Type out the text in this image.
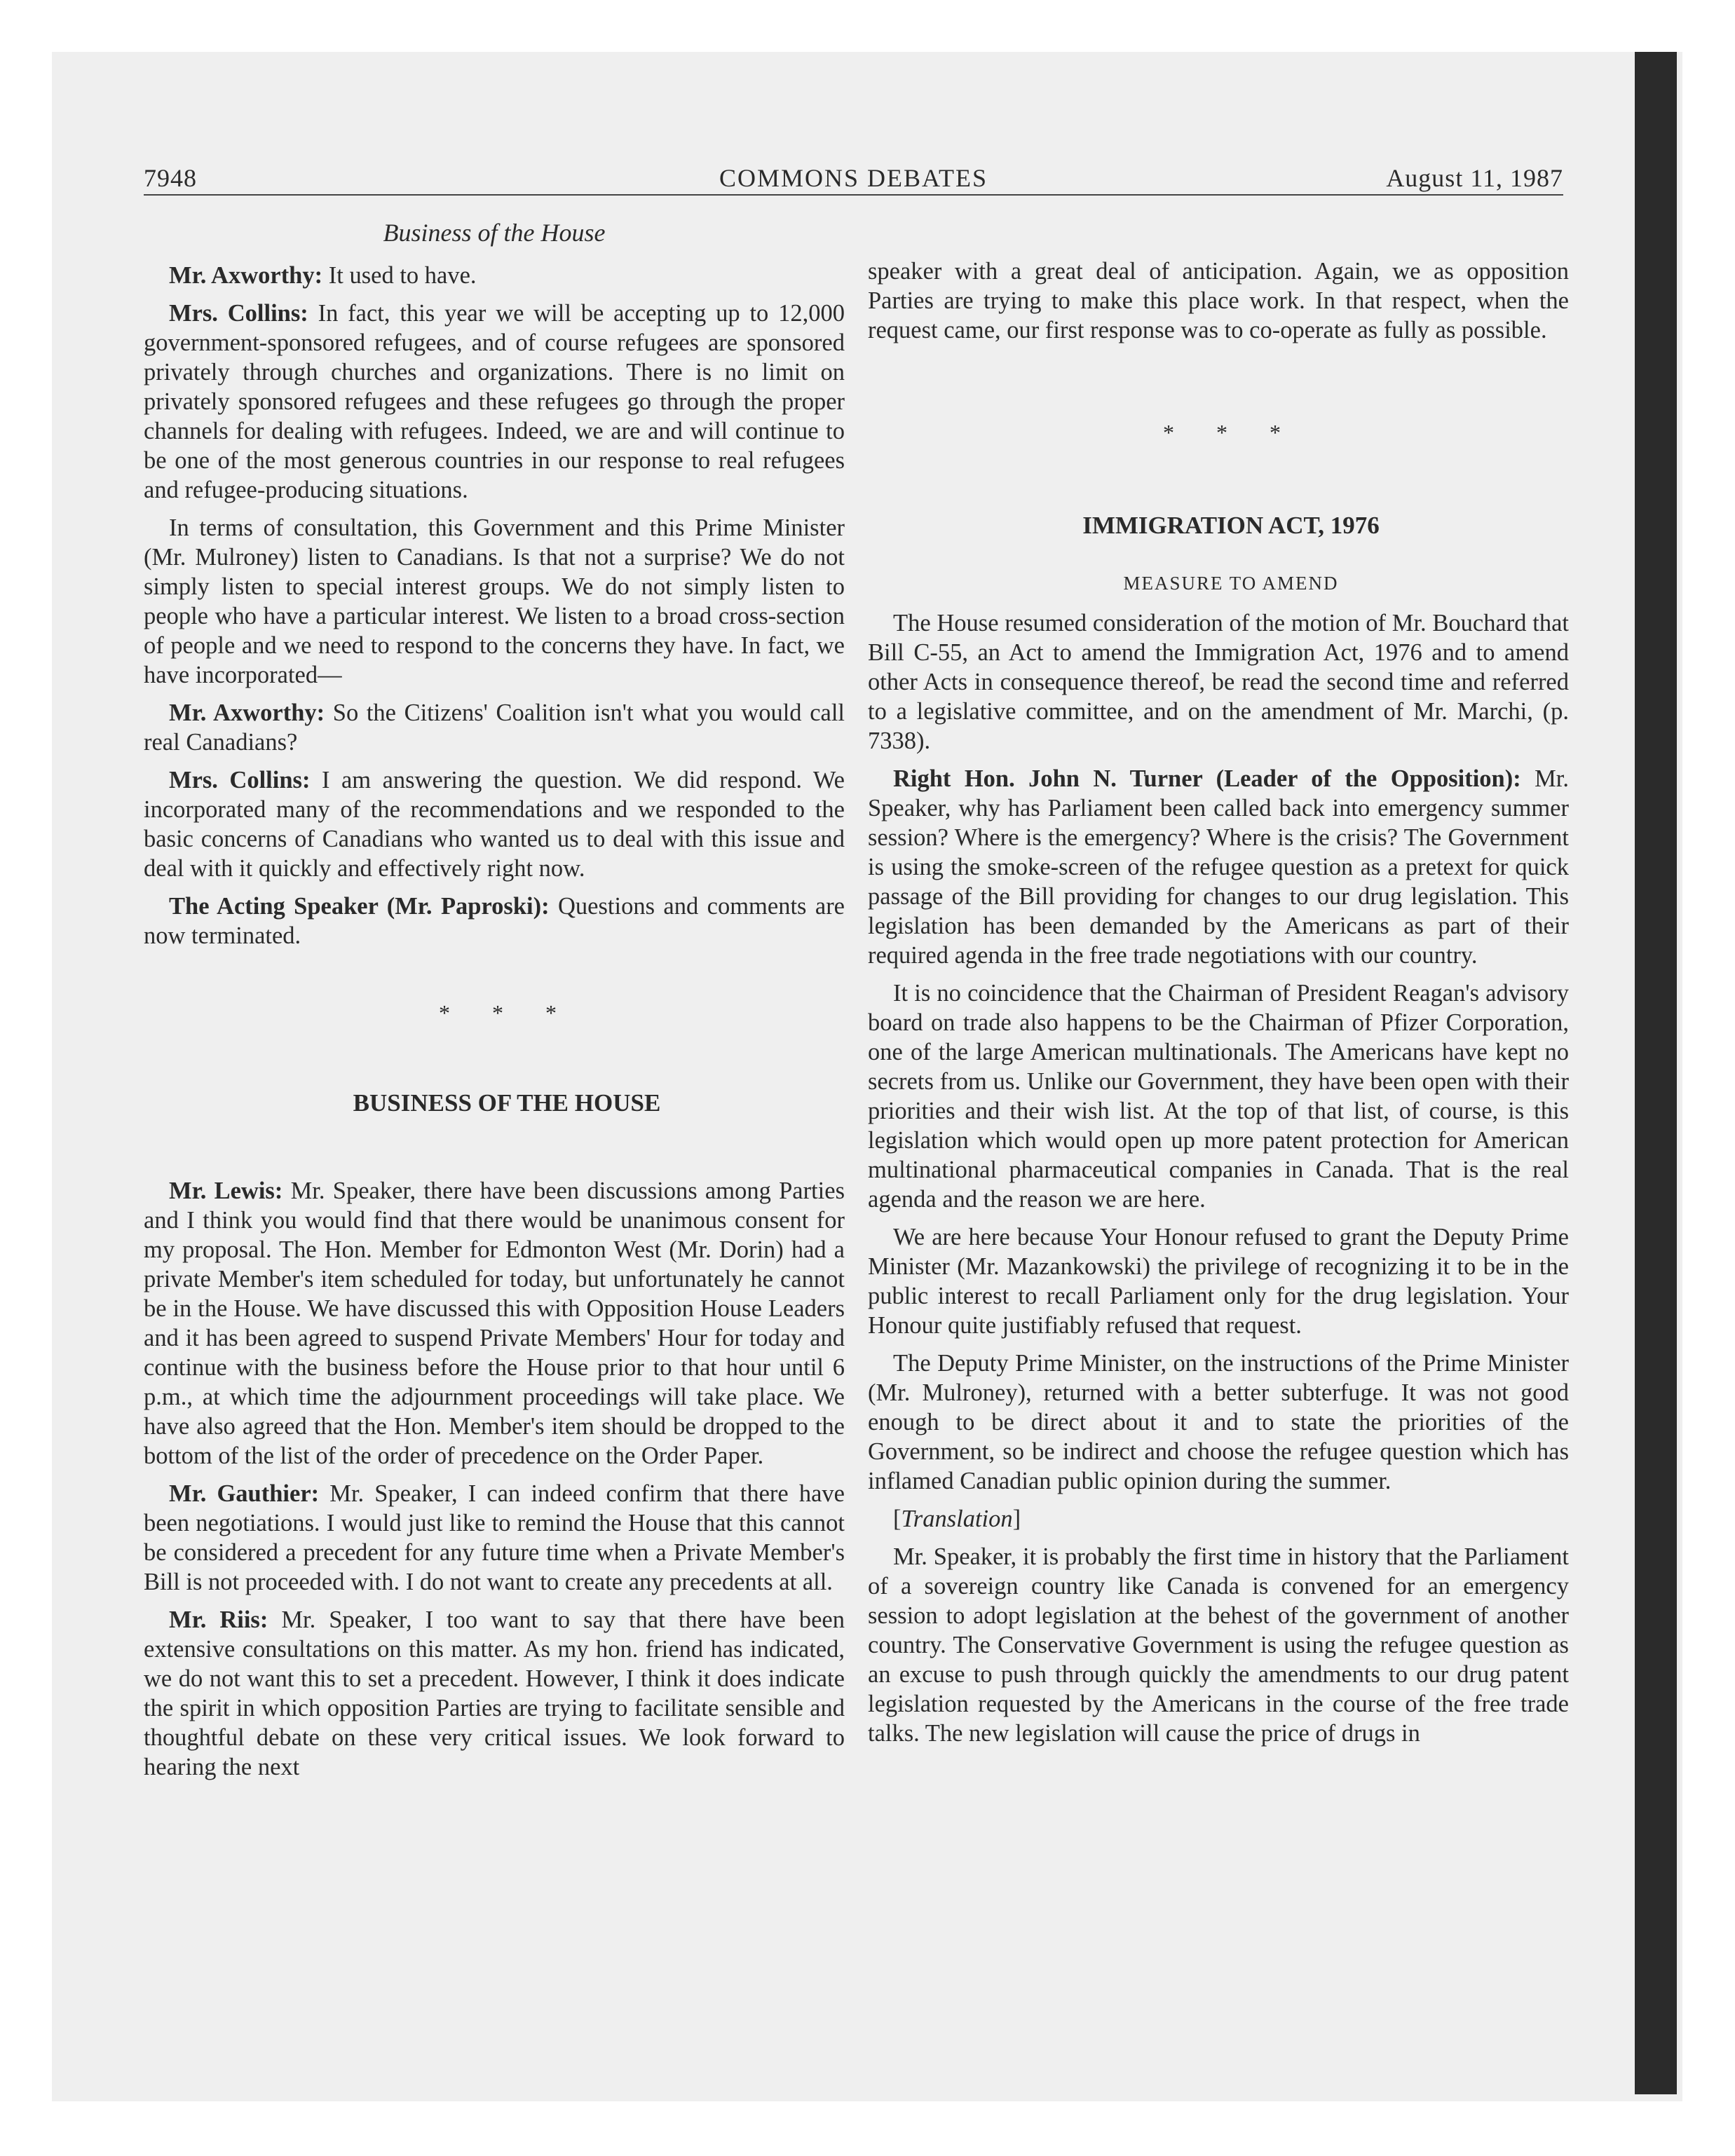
7948	COMMONS DEBATES	August 11, 1987
Business of the House

Mr. Axworthy: It used to have.

Mrs. Collins: In fact, this year we will be accepting up to 12,000 government-sponsored refugees, and of course refugees are sponsored privately through churches and organizations. There is no limit on privately sponsored refugees and these refugees go through the proper channels for dealing with refugees. Indeed, we are and will continue to be one of the most generous countries in our response to real refugees and refugee-producing situations.

In terms of consultation, this Government and this Prime Minister (Mr. Mulroney) listen to Canadians. Is that not a surprise? We do not simply listen to special interest groups. We do not simply listen to people who have a particular interest. We listen to a broad cross-section of people and we need to respond to the concerns they have. In fact, we have incorporated—

Mr. Axworthy: So the Citizens' Coalition isn't what you would call real Canadians?

Mrs. Collins: I am answering the question. We did respond. We incorporated many of the recommendations and we responded to the basic concerns of Canadians who wanted us to deal with this issue and deal with it quickly and effectively right now.

The Acting Speaker (Mr. Paproski): Questions and comments are now terminated.

* * *

BUSINESS OF THE HOUSE

Mr. Lewis: Mr. Speaker, there have been discussions among Parties and I think you would find that there would be unanimous consent for my proposal. The Hon. Member for Edmonton West (Mr. Dorin) had a private Member's item scheduled for today, but unfortunately he cannot be in the House. We have discussed this with Opposition House Leaders and it has been agreed to suspend Private Members' Hour for today and continue with the business before the House prior to that hour until 6 p.m., at which time the adjournment proceedings will take place. We have also agreed that the Hon. Member's item should be dropped to the bottom of the list of the order of precedence on the Order Paper.

Mr. Gauthier: Mr. Speaker, I can indeed confirm that there have been negotiations. I would just like to remind the House that this cannot be considered a precedent for any future time when a Private Member's Bill is not proceeded with. I do not want to create any precedents at all.

Mr. Riis: Mr. Speaker, I too want to say that there have been extensive consultations on this matter. As my hon. friend has indicated, we do not want this to set a precedent. However, I think it does indicate the spirit in which opposition Parties are trying to facilitate sensible and thoughtful debate on these very critical issues. We look forward to hearing the next

speaker with a great deal of anticipation. Again, we as opposition Parties are trying to make this place work. In that respect, when the request came, our first response was to co-operate as fully as possible.

* * *

IMMIGRATION ACT, 1976

MEASURE TO AMEND

The House resumed consideration of the motion of Mr. Bouchard that Bill C-55, an Act to amend the Immigration Act, 1976 and to amend other Acts in consequence thereof, be read the second time and referred to a legislative committee, and on the amendment of Mr. Marchi, (p. 7338).

Right Hon. John N. Turner (Leader of the Opposition): Mr. Speaker, why has Parliament been called back into emergency summer session? Where is the emergency? Where is the crisis? The Government is using the smoke-screen of the refugee question as a pretext for quick passage of the Bill providing for changes to our drug legislation. This legislation has been demanded by the Americans as part of their required agenda in the free trade negotiations with our country.

It is no coincidence that the Chairman of President Reagan's advisory board on trade also happens to be the Chairman of Pfizer Corporation, one of the large American multinationals. The Americans have kept no secrets from us. Unlike our Government, they have been open with their priorities and their wish list. At the top of that list, of course, is this legislation which would open up more patent protection for American multinational pharmaceutical companies in Canada. That is the real agenda and the reason we are here.

We are here because Your Honour refused to grant the Deputy Prime Minister (Mr. Mazankowski) the privilege of recognizing it to be in the public interest to recall Parliament only for the drug legislation. Your Honour quite justifiably refused that request.

The Deputy Prime Minister, on the instructions of the Prime Minister (Mr. Mulroney), returned with a better subterfuge. It was not good enough to be direct about it and to state the priorities of the Government, so be indirect and choose the refugee question which has inflamed Canadian public opinion during the summer.

[Translation]

Mr. Speaker, it is probably the first time in history that the Parliament of a sovereign country like Canada is convened for an emergency session to adopt legislation at the behest of the government of another country. The Conservative Government is using the refugee question as an excuse to push through quickly the amendments to our drug patent legislation requested by the Americans in the course of the free trade talks. The new legislation will cause the price of drugs in
